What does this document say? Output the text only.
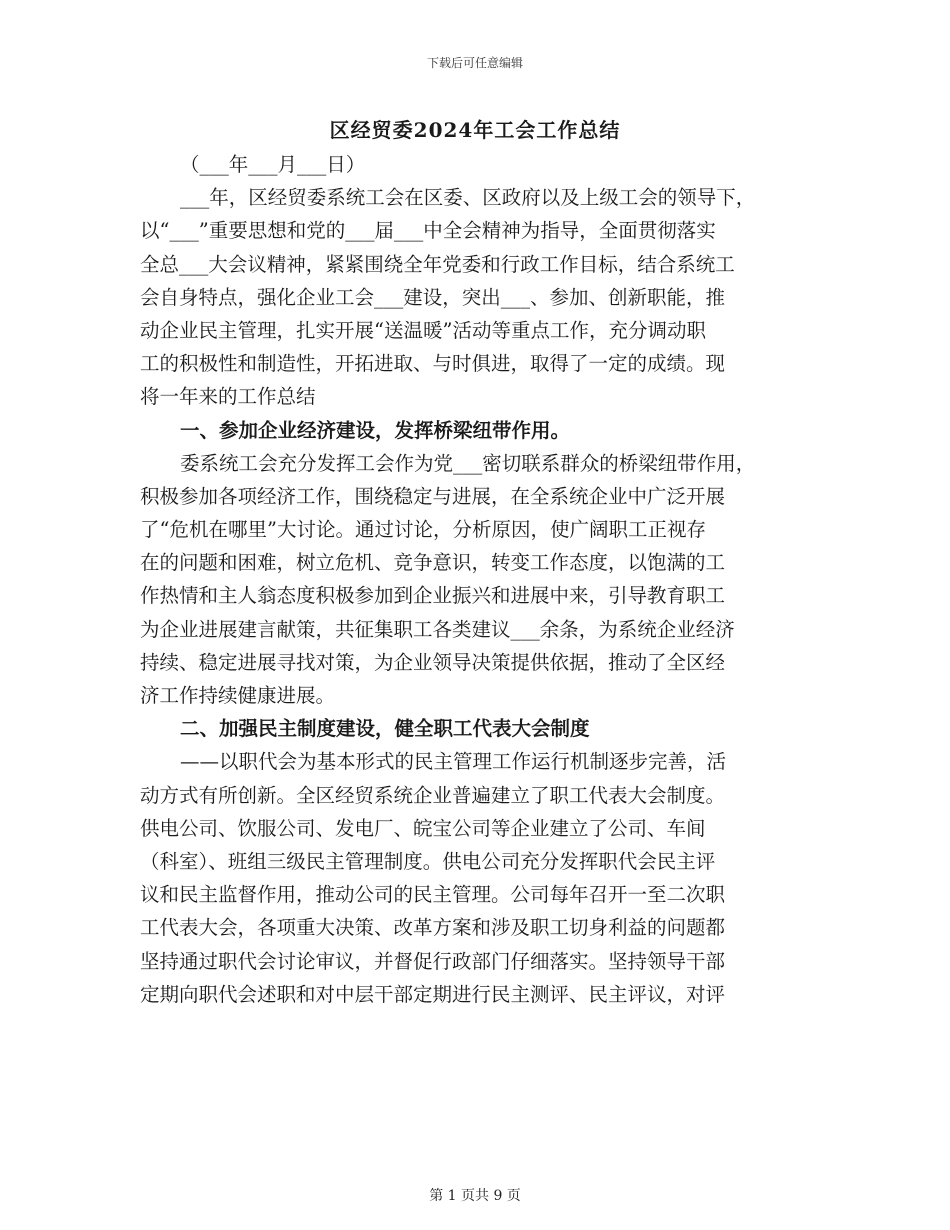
下载后可任意编辑
区经贸委2024年工会工作总结
（___年___月___日）
___年，区经贸委系统工会在区委、区政府以及上级工会的领导下，
以“___”重要思想和党的___届___中全会精神为指导，全面贯彻落实
全总___大会议精神，紧紧围绕全年党委和行政工作目标，结合系统工
会自身特点，强化企业工会___建设，突出___、参加、创新职能，推
动企业民主管理，扎实开展“送温暖”活动等重点工作，充分调动职
工的积极性和制造性，开拓进取、与时俱进，取得了一定的成绩。现
将一年来的工作总结
一、参加企业经济建设，发挥桥梁纽带作用。
委系统工会充分发挥工会作为党___密切联系群众的桥梁纽带作用，
积极参加各项经济工作，围绕稳定与进展，在全系统企业中广泛开展
了“危机在哪里”大讨论。通过讨论，分析原因，使广阔职工正视存
在的问题和困难，树立危机、竞争意识，转变工作态度，以饱满的工
作热情和主人翁态度积极参加到企业振兴和进展中来，引导教育职工
为企业进展建言献策，共征集职工各类建议___余条，为系统企业经济
持续、稳定进展寻找对策，为企业领导决策提供依据，推动了全区经
济工作持续健康进展。
二、加强民主制度建设，健全职工代表大会制度
——以职代会为基本形式的民主管理工作运行机制逐步完善，活
动方式有所创新。全区经贸系统企业普遍建立了职工代表大会制度。
供电公司、饮服公司、发电厂、皖宝公司等企业建立了公司、车间
（科室）、班组三级民主管理制度。供电公司充分发挥职代会民主评
议和民主监督作用，推动公司的民主管理。公司每年召开一至二次职
工代表大会，各项重大决策、改革方案和涉及职工切身利益的问题都
坚持通过职代会讨论审议，并督促行政部门仔细落实。坚持领导干部
定期向职代会述职和对中层干部定期进行民主测评、民主评议，对评
第 1 页共 9 页
